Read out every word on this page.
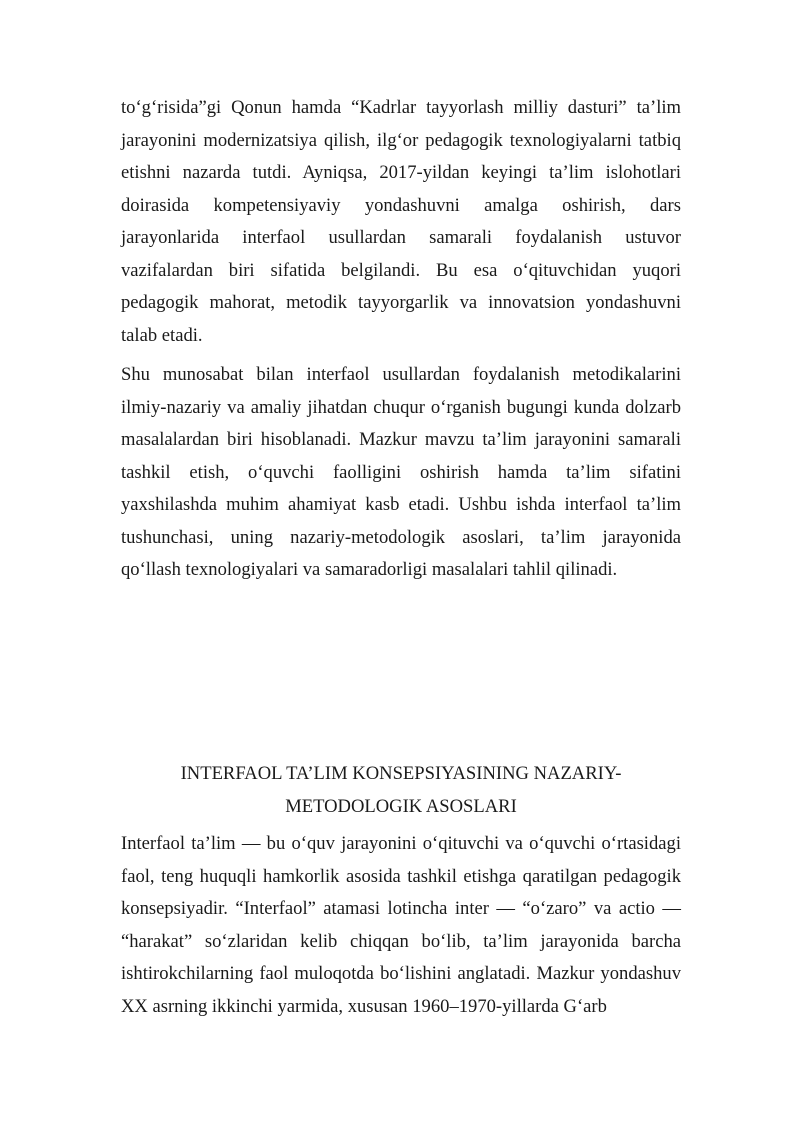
to‘g‘risida”gi Qonun hamda “Kadrlar tayyorlash milliy dasturi” ta’lim jarayonini modernizatsiya qilish, ilg‘or pedagogik texnologiyalarni tatbiq etishni nazarda tutdi. Ayniqsa, 2017-yildan keyingi ta’lim islohotlari doirasida kompetensiyaviy yondashuvni amalga oshirish, dars jarayonlarida interfaol usullardan samarali foydalanish ustuvor vazifalardan biri sifatida belgilandi. Bu esa o‘qituvchidan yuqori pedagogik mahorat, metodik tayyorgarlik va innovatsion yondashuvni talab etadi.

Shu munosabat bilan interfaol usullardan foydalanish metodikalarini ilmiy-nazariy va amaliy jihatdan chuqur o‘rganish bugungi kunda dolzarb masalalardan biri hisoblanadi. Mazkur mavzu ta’lim jarayonini samarali tashkil etish, o‘quvchi faolligini oshirish hamda ta’lim sifatini yaxshilashda muhim ahamiyat kasb etadi. Ushbu ishda interfaol ta’lim tushunchasi, uning nazariy-metodologik asoslari, ta’lim jarayonida qo‘llash texnologiyalari va samaradorligi masalalari tahlil qilinadi.

INTERFAOL TA’LIM KONSEPSIYASINING NAZARIY-METODOLOGIK ASOSLARI

Interfaol ta’lim — bu o‘quv jarayonini o‘qituvchi va o‘quvchi o‘rtasidagi faol, teng huquqli hamkorlik asosida tashkil etishga qaratilgan pedagogik konsepsiyadir. “Interfaol” atamasi lotincha inter — “o‘zaro” va actio — “harakat” so‘zlaridan kelib chiqqan bo‘lib, ta’lim jarayonida barcha ishtirokchilarning faol muloqotda bo‘lishini anglatadi. Mazkur yondashuv XX asrning ikkinchi yarmida, xususan 1960–1970-yillarda G‘arb
